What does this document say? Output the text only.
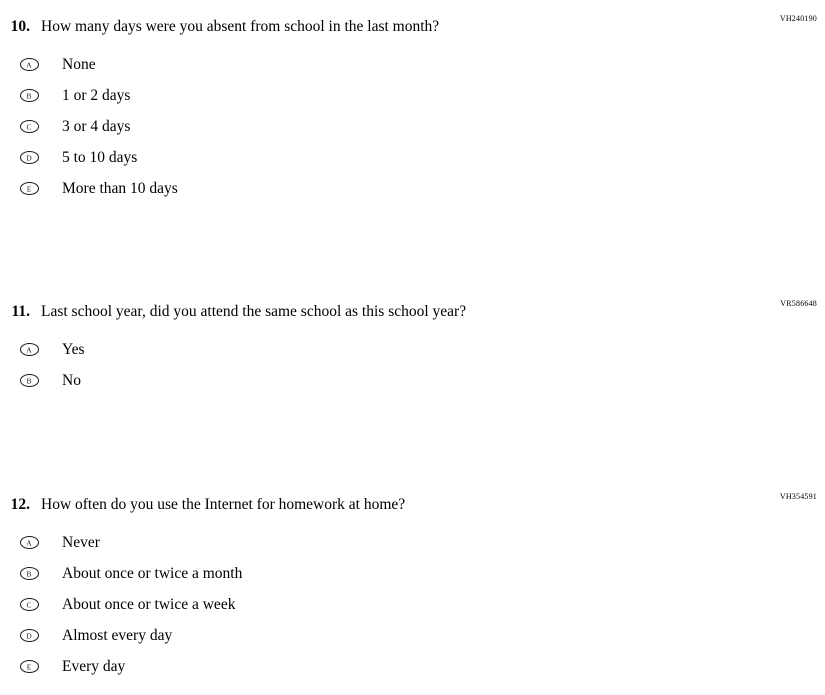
VH240190
10. How many days were you absent from school in the last month?
A	None
B	1 or 2 days
C	3 or 4 days
D	5 to 10 days
E	More than 10 days
VR586648
11. Last school year, did you attend the same school as this school year?
A	Yes
B	No
VH354591
12. How often do you use the Internet for homework at home?
A	Never
B	About once or twice a month
C	About once or twice a week
D	Almost every day
E	Every day
